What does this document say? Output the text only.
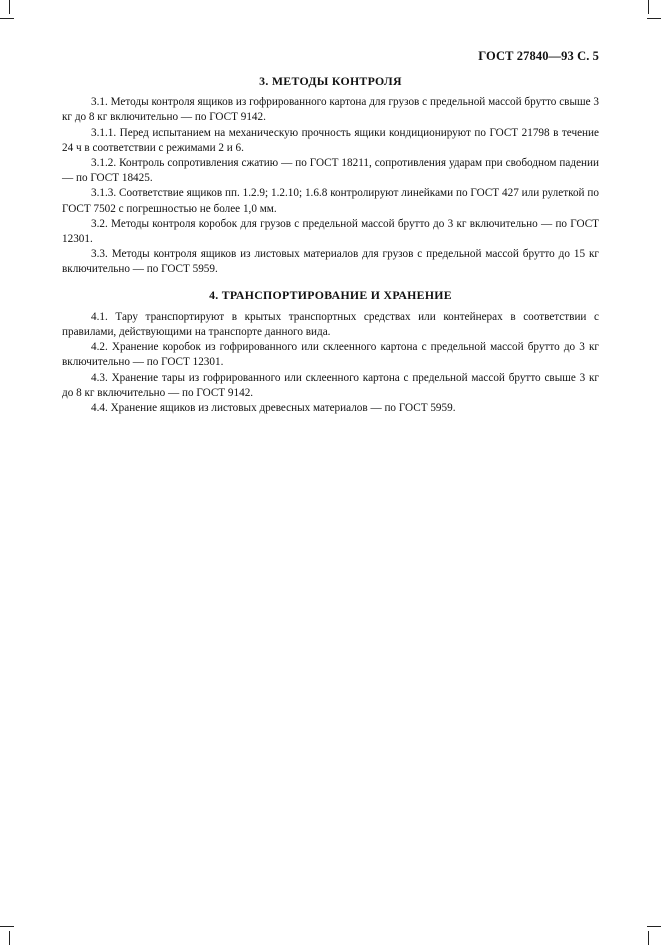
ГОСТ 27840—93 С. 5

3. МЕТОДЫ КОНТРОЛЯ

3.1. Методы контроля ящиков из гофрированного картона для грузов с предельной массой брутто свыше 3 кг до 8 кг включительно — по ГОСТ 9142.

3.1.1. Перед испытанием на механическую прочность ящики кондиционируют по ГОСТ 21798 в течение 24 ч в соответствии с режимами 2 и 6.

3.1.2. Контроль сопротивления сжатию — по ГОСТ 18211, сопротивления ударам при свободном падении — по ГОСТ 18425.

3.1.3. Соответствие ящиков пп. 1.2.9; 1.2.10; 1.6.8 контролируют линейками по ГОСТ 427 или рулеткой по ГОСТ 7502 с погрешностью не более 1,0 мм.

3.2. Методы контроля коробок для грузов с предельной массой брутто до 3 кг включительно — по ГОСТ 12301.

3.3. Методы контроля ящиков из листовых материалов для грузов с предельной массой брутто до 15 кг включительно — по ГОСТ 5959.

4. ТРАНСПОРТИРОВАНИЕ И ХРАНЕНИЕ

4.1. Тару транспортируют в крытых транспортных средствах или контейнерах в соответствии с правилами, действующими на транспорте данного вида.

4.2. Хранение коробок из гофрированного или склеенного картона с предельной массой брутто до 3 кг включительно — по ГОСТ 12301.

4.3. Хранение тары из гофрированного или склеенного картона с предельной массой брутто свыше 3 кг до 8 кг включительно — по ГОСТ 9142.

4.4. Хранение ящиков из листовых древесных материалов — по ГОСТ 5959.
